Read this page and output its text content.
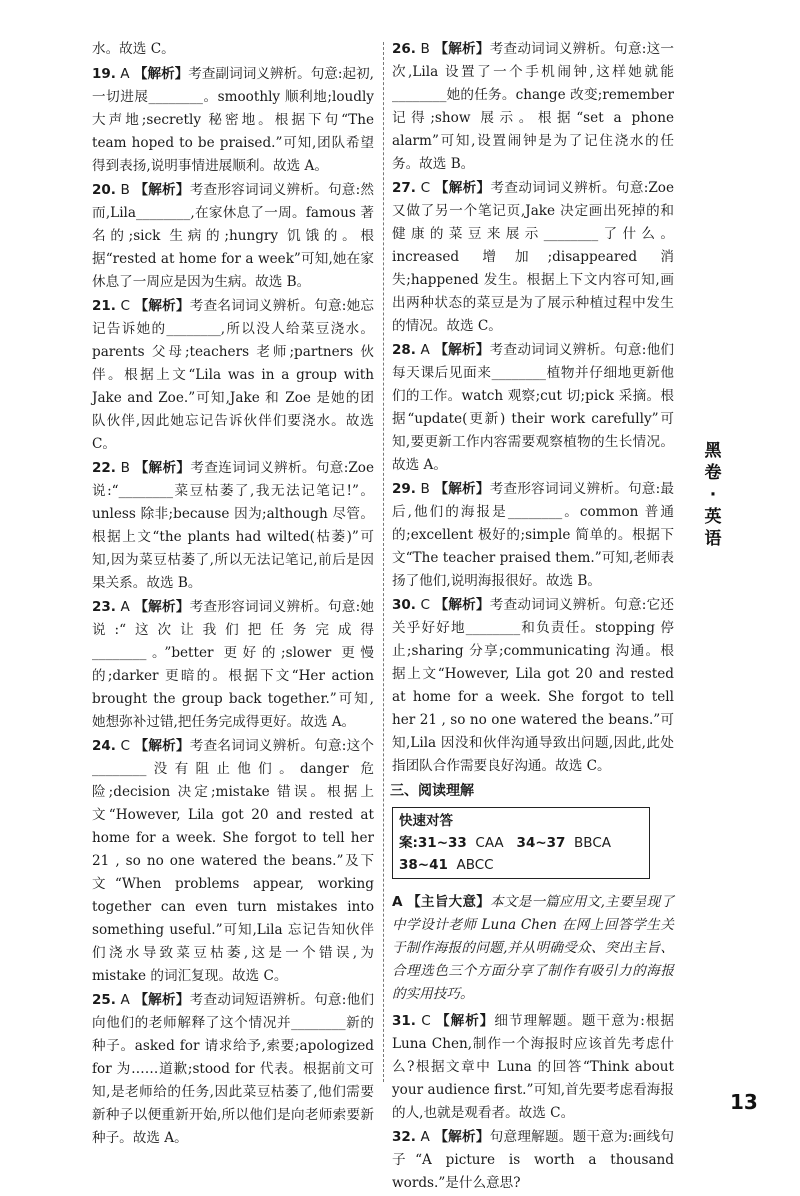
水。故选 C。

19. A 【解析】考查副词词义辨析。句意:起初,一切进展________。smoothly 顺利地;loudly 大声地;secretly 秘密地。根据下句“The team hoped to be praised.”可知,团队希望得到表扬,说明事情进展顺利。故选 A。

20. B 【解析】考查形容词词义辨析。句意:然而,Lila________,在家休息了一周。famous 著名的;sick 生病的;hungry 饥饿的。根据“rested at home for a week”可知,她在家休息了一周应是因为生病。故选 B。

21. C 【解析】考查名词词义辨析。句意:她忘记告诉她的________,所以没人给菜豆浇水。parents 父母;teachers 老师;partners 伙伴。根据上文“Lila was in a group with Jake and Zoe.”可知,Jake 和 Zoe 是她的团队伙伴,因此她忘记告诉伙伴们要浇水。故选 C。

22. B 【解析】考查连词词义辨析。句意:Zoe 说:“________菜豆枯萎了,我无法记笔记!”。unless 除非;because 因为;although 尽管。根据上文“the plants had wilted(枯萎)”可知,因为菜豆枯萎了,所以无法记笔记,前后是因果关系。故选 B。

23. A 【解析】考查形容词词义辨析。句意:她说:“这次让我们把任务完成得________。”better 更好的;slower 更慢的;darker 更暗的。根据下文“Her action brought the group back together.”可知,她想弥补过错,把任务完成得更好。故选 A。

24. C 【解析】考查名词词义辨析。句意:这个________没有阻止他们。danger 危险;decision 决定;mistake 错误。根据上文“However, Lila got 20 and rested at home for a week. She forgot to tell her 21 , so no one watered the beans.”及下文“When problems appear, working together can even turn mistakes into something useful.”可知,Lila 忘记告知伙伴们浇水导致菜豆枯萎,这是一个错误,为 mistake 的词汇复现。故选 C。

25. A 【解析】考查动词短语辨析。句意:他们向他们的老师解释了这个情况并________新的种子。asked for 请求给予,索要;apologized for 为……道歉;stood for 代表。根据前文可知,是老师给的任务,因此菜豆枯萎了,他们需要新种子以便重新开始,所以他们是向老师索要新种子。故选 A。

26. B 【解析】考查动词词义辨析。句意:这一次,Lila 设置了一个手机闹钟,这样她就能________她的任务。change 改变;remember 记得;show 展示。根据“set a phone alarm”可知,设置闹钟是为了记住浇水的任务。故选 B。

27. C 【解析】考查动词词义辨析。句意:Zoe 又做了另一个笔记页,Jake 决定画出死掉的和健康的菜豆来展示________了什么。increased 增加;disappeared 消失;happened 发生。根据上下文内容可知,画出两种状态的菜豆是为了展示种植过程中发生的情况。故选 C。

28. A 【解析】考查动词词义辨析。句意:他们每天课后见面来________植物并仔细地更新他们的工作。watch 观察;cut 切;pick 采摘。根据“update(更新) their work carefully”可知,要更新工作内容需要观察植物的生长情况。故选 A。

29. B 【解析】考查形容词词义辨析。句意:最后,他们的海报是________。common 普通的;excellent 极好的;simple 简单的。根据下文“The teacher praised them.”可知,老师表扬了他们,说明海报很好。故选 B。

30. C 【解析】考查动词词义辨析。句意:它还关乎好好地________和负责任。stopping 停止;sharing 分享;communicating 沟通。根据上文“However, Lila got 20 and rested at home for a week. She forgot to tell her 21 , so no one watered the beans.”可知,Lila 因没和伙伴沟通导致出问题,因此,此处指团队合作需要良好沟通。故选 C。

三、阅读理解
快速对答案:31~33 CAA 34~37 BBCA
38~41 ABCC

A 【主旨大意】本文是一篇应用文,主要呈现了中学设计老师 Luna Chen 在网上回答学生关于制作海报的问题,并从明确受众、突出主旨、合理选色三个方面分享了制作有吸引力的海报的实用技巧。

31. C 【解析】细节理解题。题干意为:根据 Luna Chen,制作一个海报时应该首先考虑什么?根据文章中 Luna 的回答“Think about your audience first.”可知,首先要考虑看海报的人,也就是观看者。故选 C。

32. A 【解析】句意理解题。题干意为:画线句子“A picture is worth a thousand words.”是什么意思?

黑
卷
·
英
语
13
